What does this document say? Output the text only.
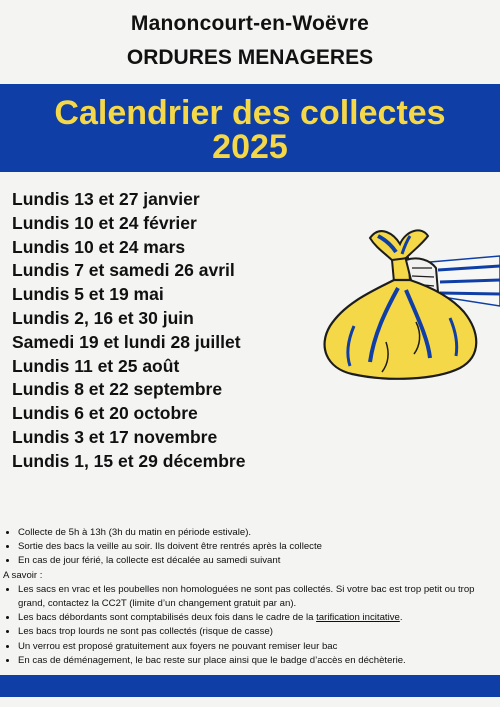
Manoncourt-en-Woëvre
ORDURES MENAGERES
Calendrier des collectes
2025
Lundis 13 et 27 janvier
Lundis 10 et 24 février
Lundis 10 et 24 mars
Lundis 7 et samedi 26 avril
Lundis 5 et 19 mai
Lundis 2, 16 et 30 juin
Samedi 19 et lundi 28 juillet
Lundis 11 et 25 août
Lundis 8 et 22 septembre
Lundis 6 et 20 octobre
Lundis 3 et 17 novembre
Lundis 1, 15 et 29 décembre
• Collecte de 5h à 13h (3h du matin en période estivale).
• Sortie des bacs la veille au soir. Ils doivent être rentrés après la collecte
• En cas de jour férié, la collecte est décalée au samedi suivant
A savoir :
• Les sacs en vrac et les poubelles non homologuées ne sont pas collectés. Si votre bac est trop petit ou trop grand, contactez la CC2T (limite d’un changement gratuit par an).
• Les bacs débordants sont comptabilisés deux fois dans le cadre de la tarification incitative.
• Les bacs trop lourds ne sont pas collectés (risque de casse)
• Un verrou est proposé gratuitement aux foyers ne pouvant remiser leur bac
• En cas de déménagement, le bac reste sur place ainsi que le badge d’accès en déchèterie.
